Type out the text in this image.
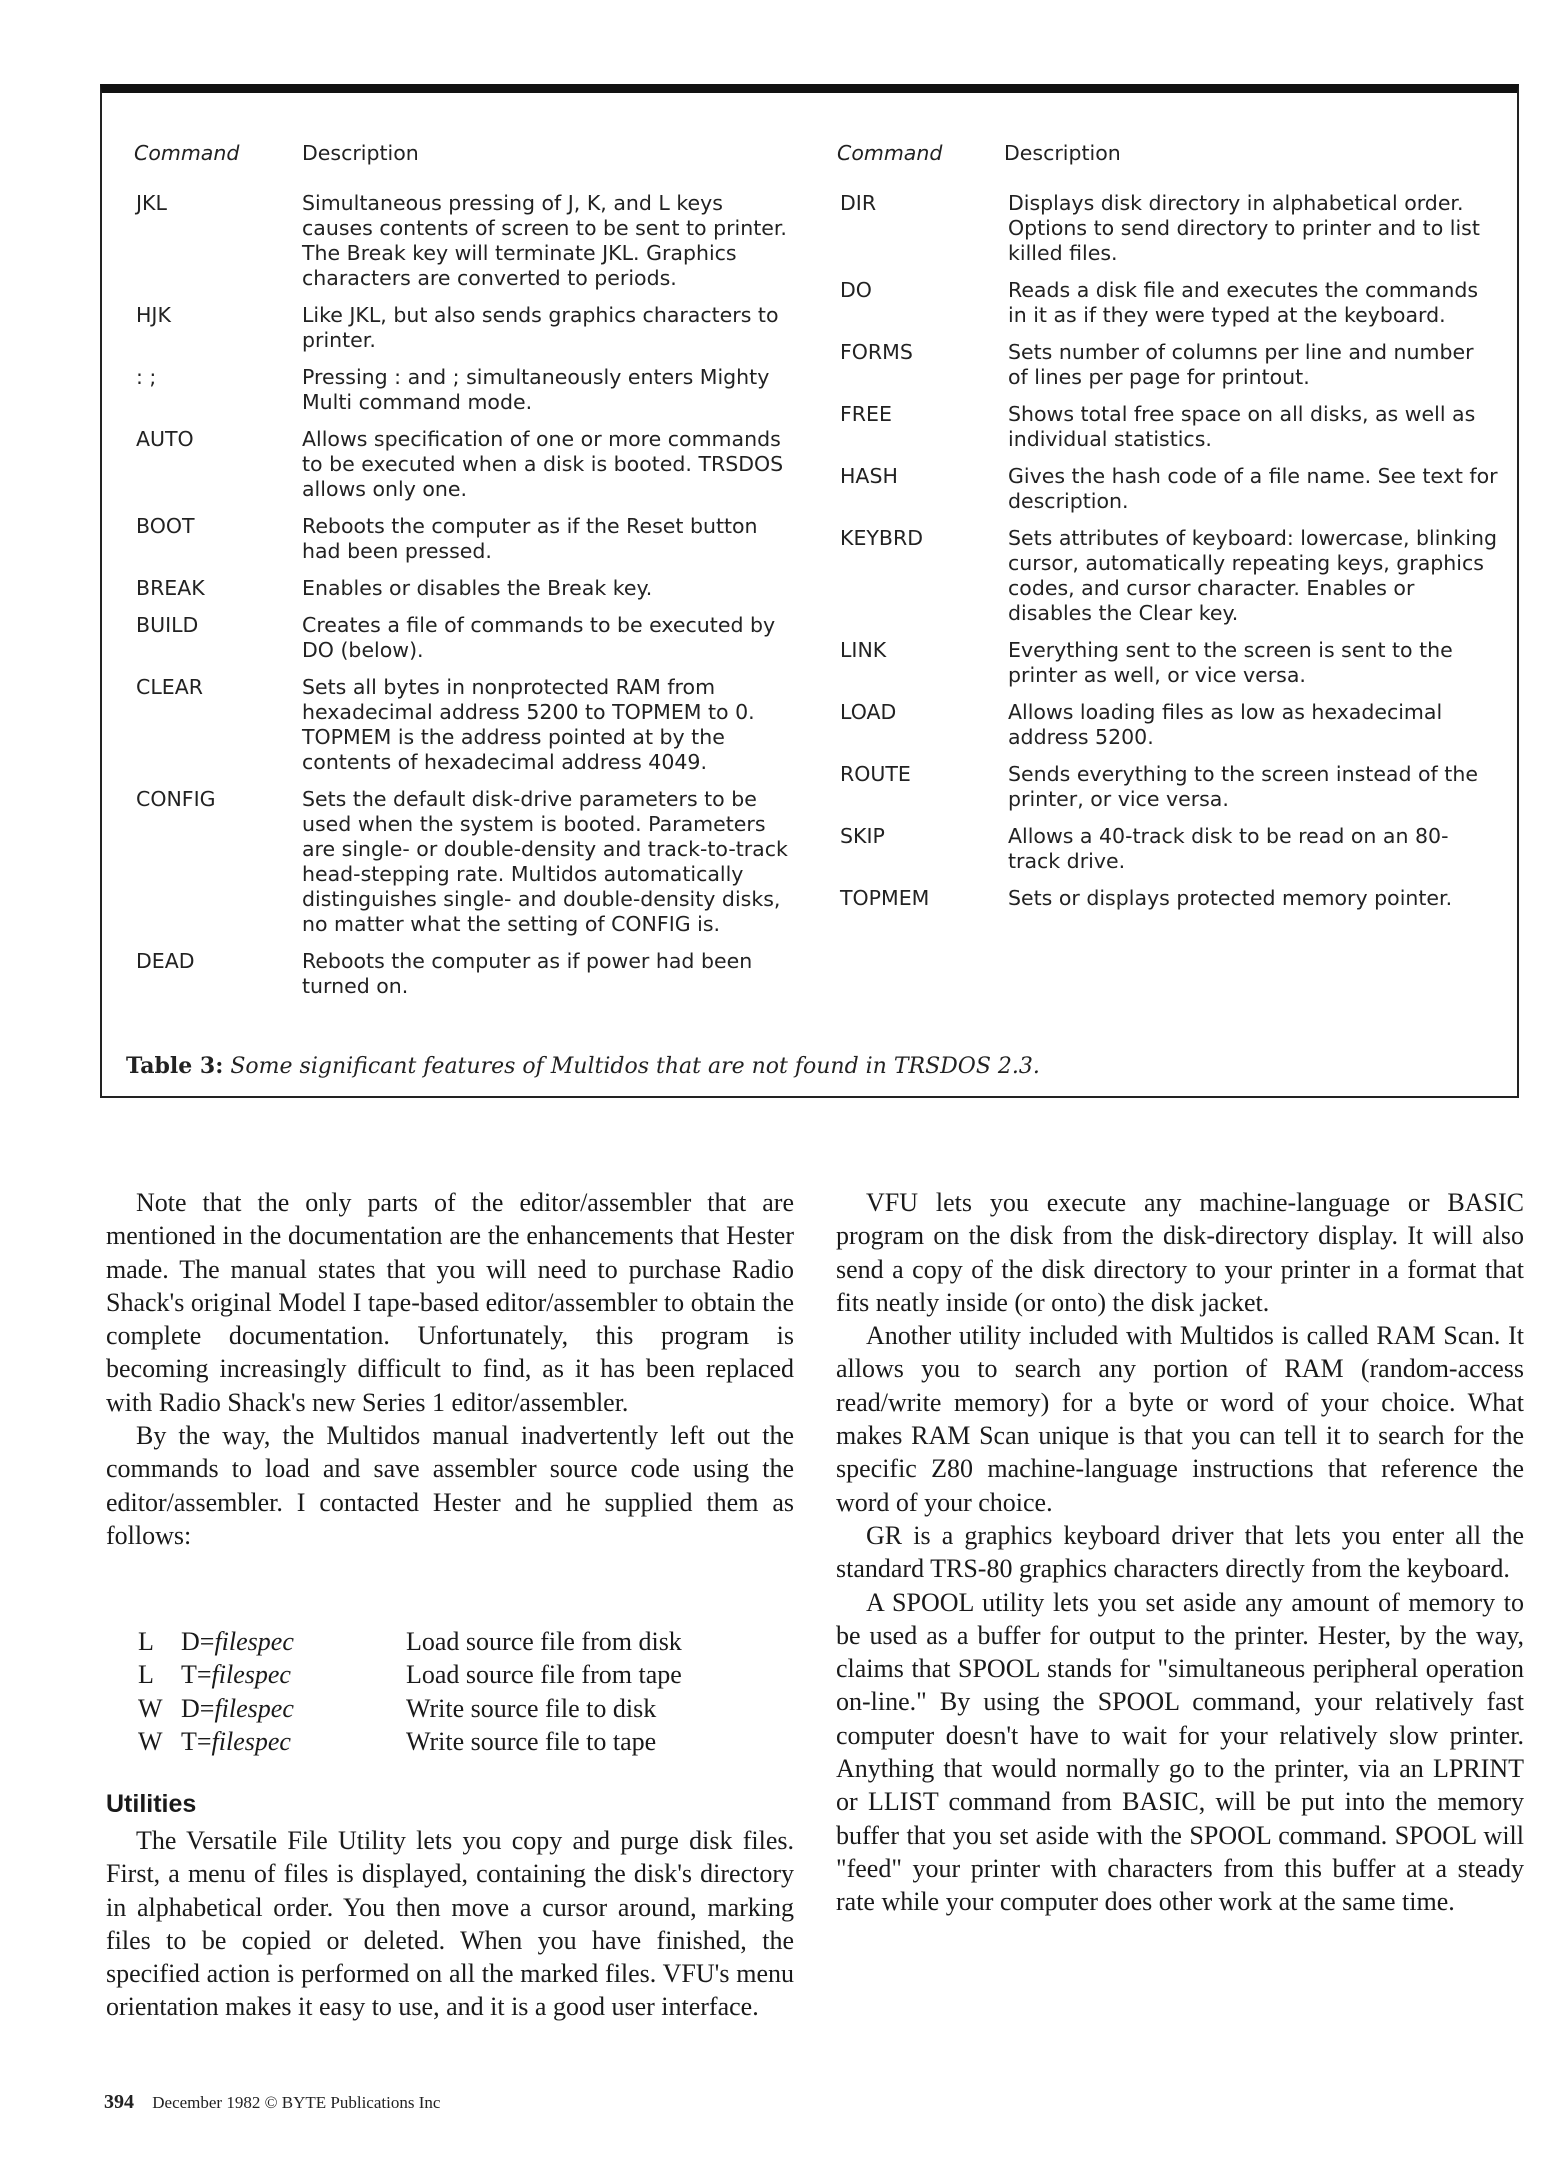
Command	Description
JKL	Simultaneous pressing of J, K, and L keys causes contents of screen to be sent to printer. The Break key will terminate JKL. Graphics characters are converted to periods.
HJK	Like JKL, but also sends graphics characters to printer.
: ;	Pressing : and ; simultaneously enters Mighty Multi command mode.
AUTO	Allows specification of one or more commands to be executed when a disk is booted. TRSDOS allows only one.
BOOT	Reboots the computer as if the Reset button had been pressed.
BREAK	Enables or disables the Break key.
BUILD	Creates a file of commands to be executed by DO (below).
CLEAR	Sets all bytes in nonprotected RAM from hexadecimal address 5200 to TOPMEM to 0. TOPMEM is the address pointed at by the contents of hexadecimal address 4049.
CONFIG	Sets the default disk-drive parameters to be used when the system is booted. Parameters are single- or double-density and track-to-track head-stepping rate. Multidos automatically distinguishes single- and double-density disks, no matter what the setting of CONFIG is.
DEAD	Reboots the computer as if power had been turned on.
Command	Description
DIR	Displays disk directory in alphabetical order. Options to send directory to printer and to list killed files.
DO	Reads a disk file and executes the commands in it as if they were typed at the keyboard.
FORMS	Sets number of columns per line and number of lines per page for printout.
FREE	Shows total free space on all disks, as well as individual statistics.
HASH	Gives the hash code of a file name. See text for description.
KEYBRD	Sets attributes of keyboard: lowercase, blinking cursor, automatically repeating keys, graphics codes, and cursor character. Enables or disables the Clear key.
LINK	Everything sent to the screen is sent to the printer as well, or vice versa.
LOAD	Allows loading files as low as hexadecimal address 5200.
ROUTE	Sends everything to the screen instead of the printer, or vice versa.
SKIP	Allows a 40-track disk to be read on an 80-track drive.
TOPMEM	Sets or displays protected memory pointer.
Table 3: Some significant features of Multidos that are not found in TRSDOS 2.3.

Note that the only parts of the editor/assembler that are mentioned in the documentation are the enhancements that Hester made. The manual states that you will need to purchase Radio Shack's original Model I tape-based editor/assembler to obtain the complete documentation. Unfortunately, this program is becoming increasingly difficult to find, as it has been replaced with Radio Shack's new Series 1 editor/assembler.

By the way, the Multidos manual inadvertently left out the commands to load and save assembler source code using the editor/assembler. I contacted Hester and he supplied them as follows:

L D=filespec	Load source file from disk
L T=filespec	Load source file from tape
W D=filespec	Write source file to disk
W T=filespec	Write source file to tape
Utilities

The Versatile File Utility lets you copy and purge disk files. First, a menu of files is displayed, containing the disk's directory in alphabetical order. You then move a cursor around, marking files to be copied or deleted. When you have finished, the specified action is performed on all the marked files. VFU's menu orientation makes it easy to use, and it is a good user interface.

VFU lets you execute any machine-language or BASIC program on the disk from the disk-directory display. It will also send a copy of the disk directory to your printer in a format that fits neatly inside (or onto) the disk jacket.

Another utility included with Multidos is called RAM Scan. It allows you to search any portion of RAM (random-access read/write memory) for a byte or word of your choice. What makes RAM Scan unique is that you can tell it to search for the specific Z80 machine-language instructions that reference the word of your choice.

GR is a graphics keyboard driver that lets you enter all the standard TRS-80 graphics characters directly from the keyboard.

A SPOOL utility lets you set aside any amount of memory to be used as a buffer for output to the printer. Hester, by the way, claims that SPOOL stands for "simultaneous peripheral operation on-line." By using the SPOOL command, your relatively fast computer doesn't have to wait for your relatively slow printer. Anything that would normally go to the printer, via an LPRINT or LLIST command from BASIC, will be put into the memory buffer that you set aside with the SPOOL command. SPOOL will "feed" your printer with characters from this buffer at a steady rate while your computer does other work at the same time.

394 December 1982 © BYTE Publications Inc
